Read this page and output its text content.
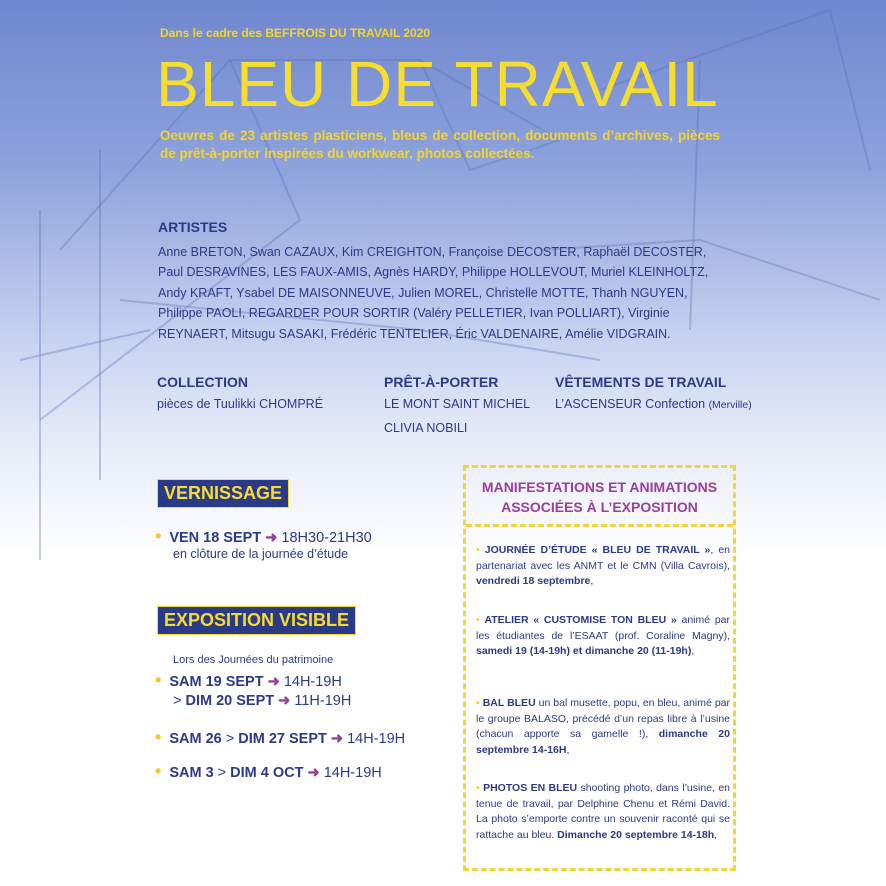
Dans le cadre des BEFFROIS DU TRAVAIL 2020
BLEU DE TRAVAIL
Oeuvres de 23 artistes plasticiens, bleus de collection, documents d’archives, pièces de prêt-à-porter inspirées du workwear, photos collectées.
ARTISTES
Anne BRETON, Swan CAZAUX, Kim CREIGHTON, Françoise DECOSTER, Raphaël DECOSTER,
Paul DESRAVINES, LES FAUX-AMIS, Agnès HARDY, Philippe HOLLEVOUT, Muriel KLEINHOLTZ,
Andy KRAFT, Ysabel DE MAISONNEUVE, Julien MOREL, Christelle MOTTE, Thanh NGUYEN,
Philippe PAOLI, REGARDER POUR SORTIR (Valéry PELLETIER, Ivan POLLIART), Virginie
REYNAERT, Mitsugu SASAKI, Frédéric TENTELIER, Éric VALDENAIRE, Amélie VIDGRAIN.
COLLECTION
pièces de Tuulikki CHOMPRÉ
PRÊT-À-PORTER
LE MONT SAINT MICHEL
CLIVIA NOBILI
VÊTEMENTS DE TRAVAIL
L’ASCENSEUR Confection (Merville)
VERNISSAGE
• VEN 18 SEPT ➜ 18H30-21H30
en clôture de la journée d’étude
EXPOSITION VISIBLE
Lors des Journées du patrimoine
• SAM 19 SEPT ➜ 14H-19H
> DIM 20 SEPT ➜ 11H-19H
• SAM 26 > DIM 27 SEPT ➜ 14H-19H
• SAM 3 > DIM 4 OCT ➜ 14H-19H
MANIFESTATIONS ET ANIMATIONS
ASSOCIÉES À L’EXPOSITION
• JOURNÉE D’ÉTUDE « BLEU DE TRAVAIL », en partenariat avec les ANMT et le CMN (Villa Cavrois), vendredi 18 septembre,
• ATELIER « CUSTOMISE TON BLEU » animé par les étudiantes de l’ESAAT (prof. Coraline Magny), samedi 19 (14-19h) et dimanche 20 (11-19h),
• BAL BLEU un bal musette, popu, en bleu, animé par le groupe BALASO, précédé d’un repas libre à l’usine (chacun apporte sa gamelle !), dimanche 20 septembre 14-16H,
• PHOTOS EN BLEU shooting photo, dans l’usine, en tenue de travail, par Delphine Chenu et Rémi David. La photo s’emporte contre un souvenir raconté qui se rattache au bleu. Dimanche 20 septembre 14-18h,
